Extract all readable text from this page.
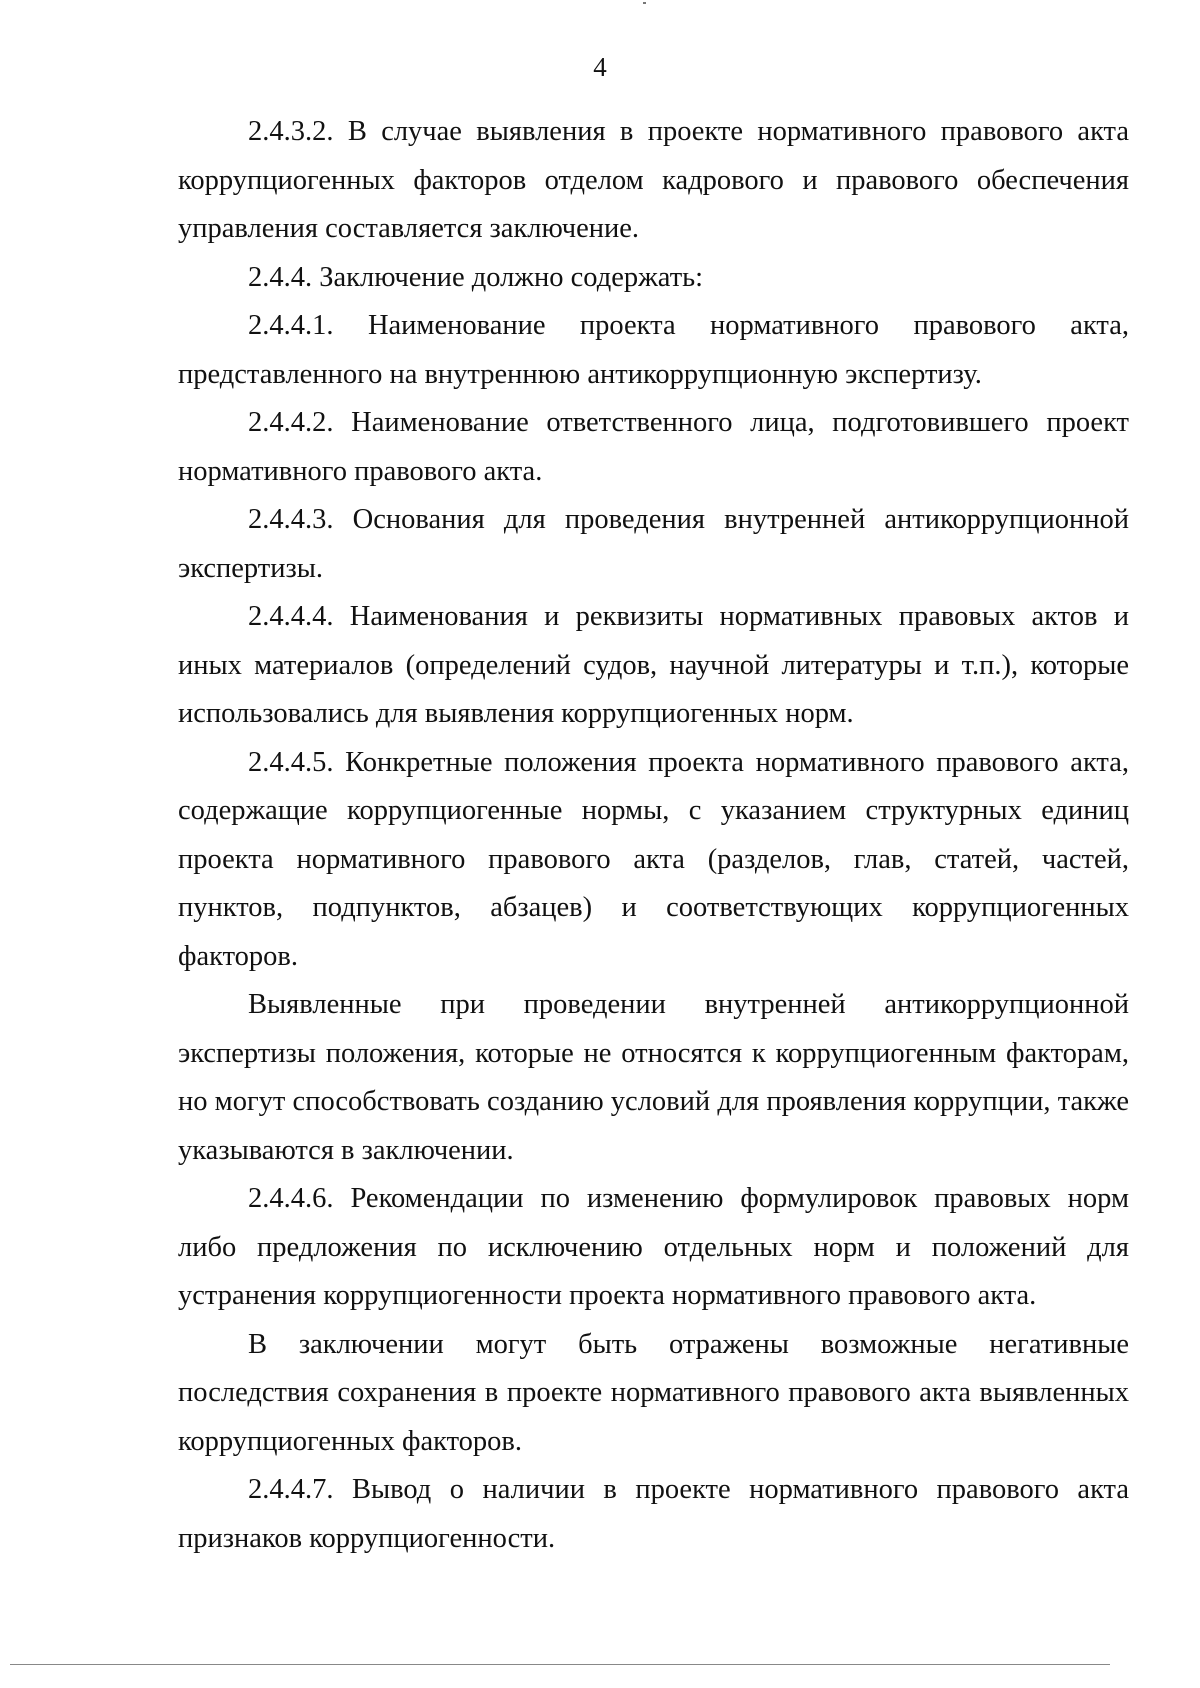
4

2.4.3.2. В случае выявления в проекте нормативного правового акта коррупциогенных факторов отделом кадрового и правового обеспечения управления составляется заключение.

2.4.4. Заключение должно содержать:

2.4.4.1. Наименование проекта нормативного правового акта, представленного на внутреннюю антикоррупционную экспертизу.

2.4.4.2. Наименование ответственного лица, подготовившего проект нормативного правового акта.

2.4.4.3. Основания для проведения внутренней антикоррупционной экспертизы.

2.4.4.4. Наименования и реквизиты нормативных правовых актов и иных материалов (определений судов, научной литературы и т.п.), которые использовались для выявления коррупциогенных норм.

2.4.4.5. Конкретные положения проекта нормативного правового акта, содержащие коррупциогенные нормы, с указанием структурных единиц проекта нормативного правового акта (разделов, глав, статей, частей, пунктов, подпунктов, абзацев) и соответствующих коррупциогенных факторов.

Выявленные при проведении внутренней антикоррупционной экспертизы положения, которые не относятся к коррупциогенным факторам, но могут способствовать созданию условий для проявления коррупции, также указываются в заключении.

2.4.4.6. Рекомендации по изменению формулировок правовых норм либо предложения по исключению отдельных норм и положений для устранения коррупциогенности проекта нормативного правового акта.

В заключении могут быть отражены возможные негативные последствия сохранения в проекте нормативного правового акта выявленных коррупциогенных факторов.

2.4.4.7. Вывод о наличии в проекте нормативного правового акта признаков коррупциогенности.
